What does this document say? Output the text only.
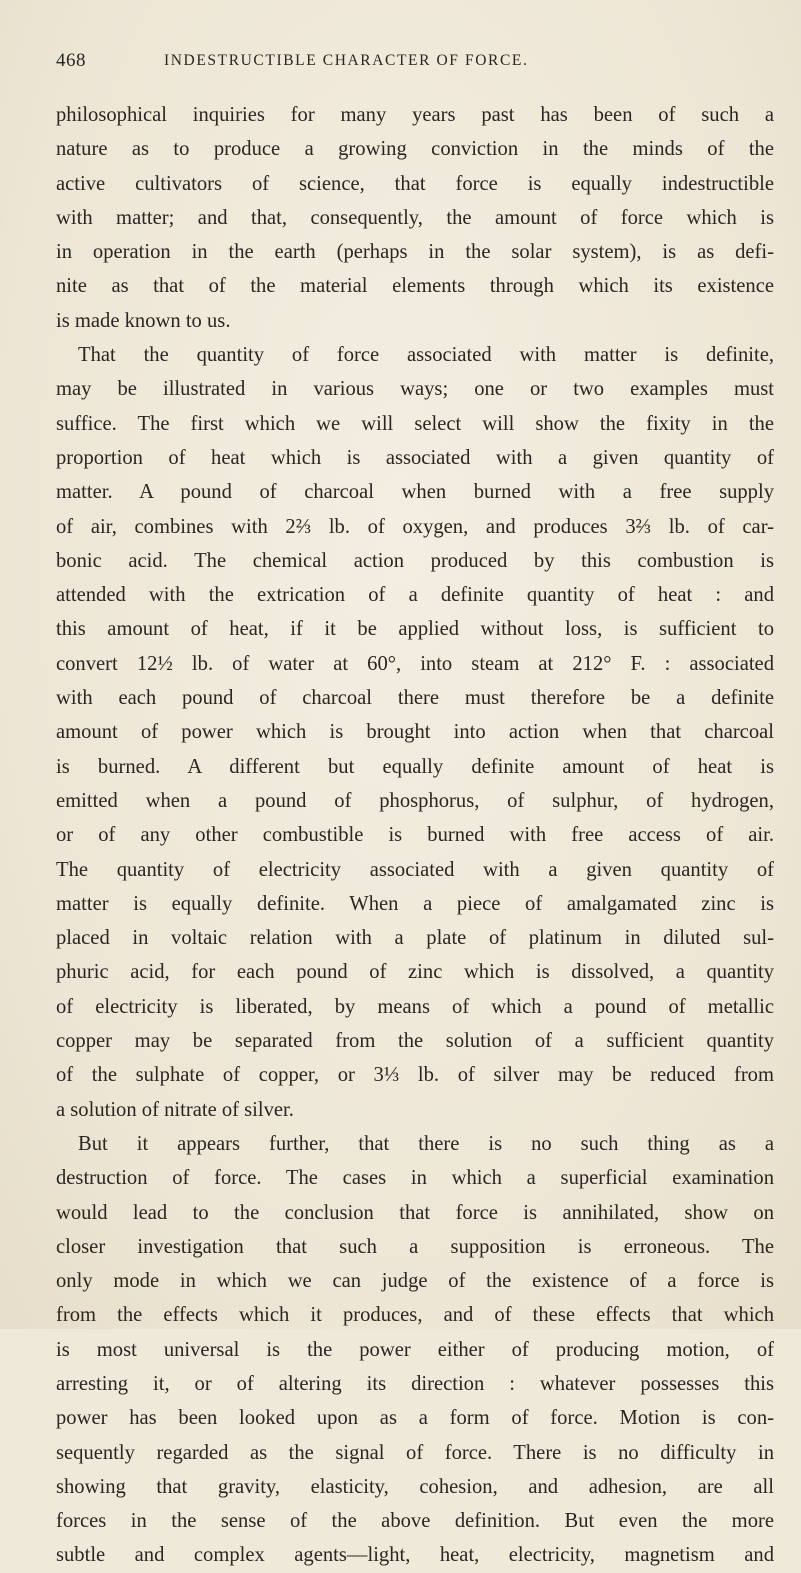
468	INDESTRUCTIBLE CHARACTER OF FORCE.
philosophical inquiries for many years past has been of such a
nature as to produce a growing conviction in the minds of the
active cultivators of science, that force is equally indestructible
with matter; and that, consequently, the amount of force which is
in operation in the earth (perhaps in the solar system), is as defi-
nite as that of the material elements through which its existence
is made known to us.
That the quantity of force associated with matter is definite,
may be illustrated in various ways; one or two examples must
suffice. The first which we will select will show the fixity in the
proportion of heat which is associated with a given quantity of
matter. A pound of charcoal when burned with a free supply
of air, combines with 2⅔ lb. of oxygen, and produces 3⅔ lb. of car-
bonic acid. The chemical action produced by this combustion is
attended with the extrication of a definite quantity of heat : and
this amount of heat, if it be applied without loss, is sufficient to
convert 12½ lb. of water at 60°, into steam at 212° F. : associated
with each pound of charcoal there must therefore be a definite
amount of power which is brought into action when that charcoal
is burned. A different but equally definite amount of heat is
emitted when a pound of phosphorus, of sulphur, of hydrogen,
or of any other combustible is burned with free access of air.
The quantity of electricity associated with a given quantity of
matter is equally definite. When a piece of amalgamated zinc is
placed in voltaic relation with a plate of platinum in diluted sul-
phuric acid, for each pound of zinc which is dissolved, a quantity
of electricity is liberated, by means of which a pound of metallic
copper may be separated from the solution of a sufficient quantity
of the sulphate of copper, or 3⅓ lb. of silver may be reduced from
a solution of nitrate of silver.
But it appears further, that there is no such thing as a
destruction of force. The cases in which a superficial examination
would lead to the conclusion that force is annihilated, show on
closer investigation that such a supposition is erroneous. The
only mode in which we can judge of the existence of a force is
from the effects which it produces, and of these effects that which
is most universal is the power either of producing motion, of
arresting it, or of altering its direction : whatever possesses this
power has been looked upon as a form of force. Motion is con-
sequently regarded as the signal of force. There is no difficulty in
showing that gravity, elasticity, cohesion, and adhesion, are all
forces in the sense of the above definition. But even the more
subtle and complex agents—light, heat, electricity, magnetism and
